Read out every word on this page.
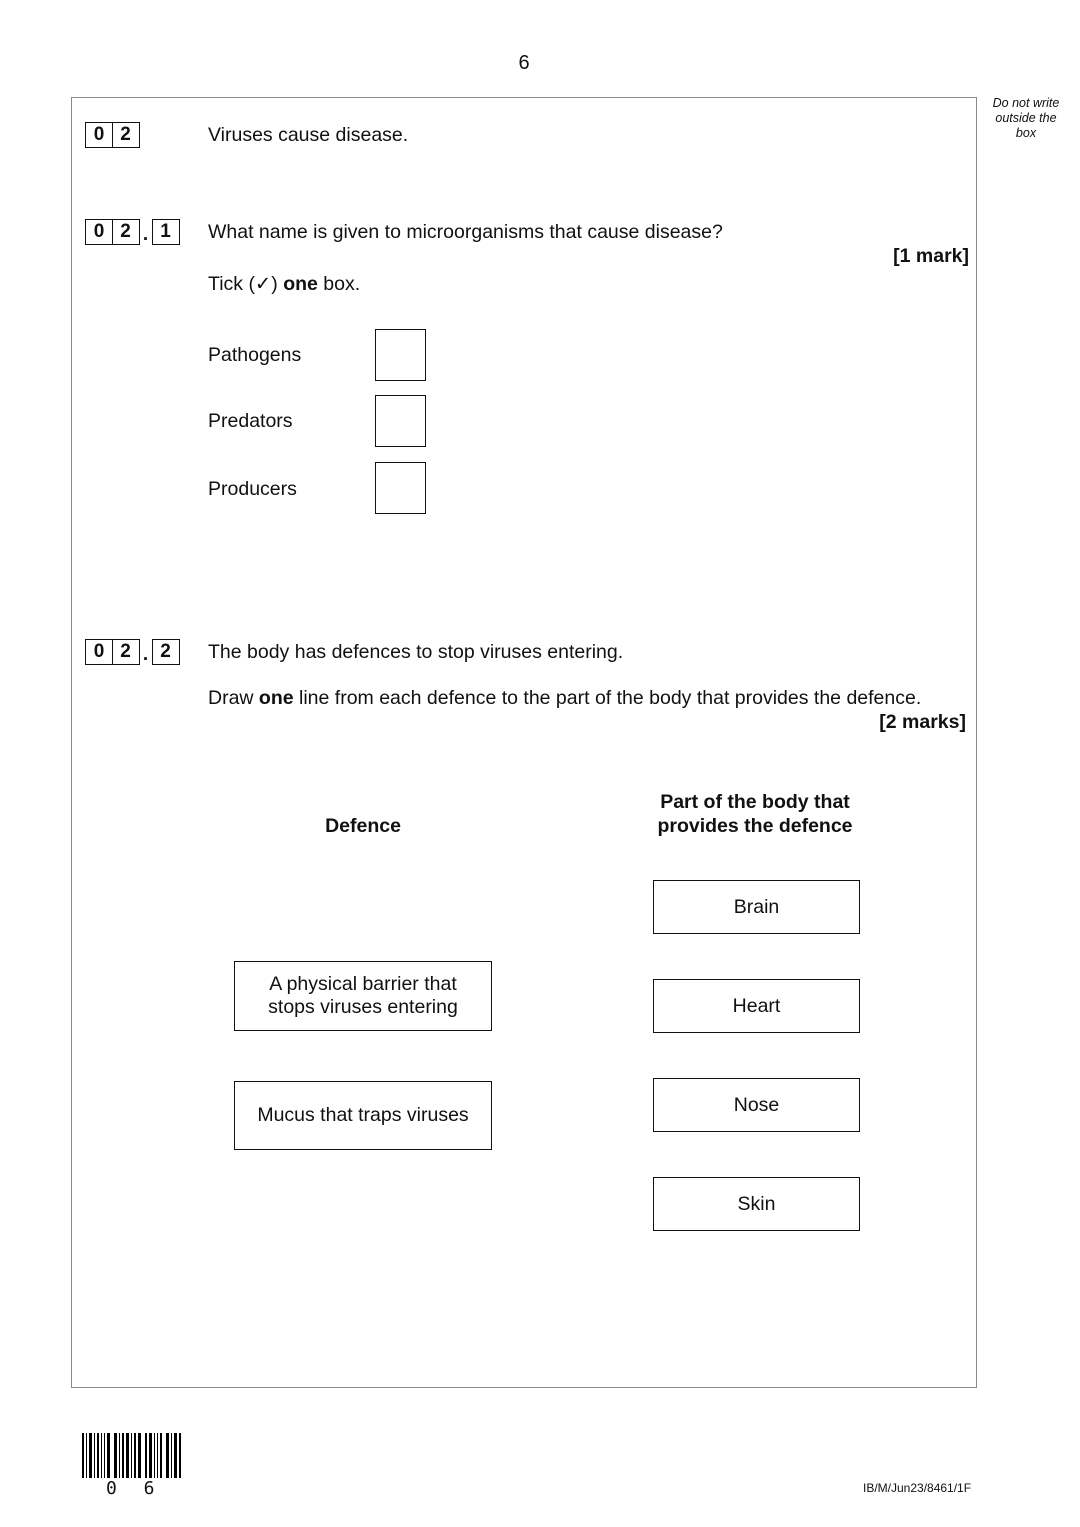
6
Do not write outside the box
0 2	Viruses cause disease.
0 2 . 1	What name is given to microorganisms that cause disease?
[1 mark]
Tick (✓) one box.
Pathogens
Predators
Producers
0 2 . 2	The body has defences to stop viruses entering.
Draw one line from each defence to the part of the body that provides the defence.
[2 marks]
Defence
Part of the body that
provides the defence
A physical barrier that
stops viruses entering
Mucus that traps viruses
Brain
Heart
Nose
Skin
0 6	IB/M/Jun23/8461/1F
